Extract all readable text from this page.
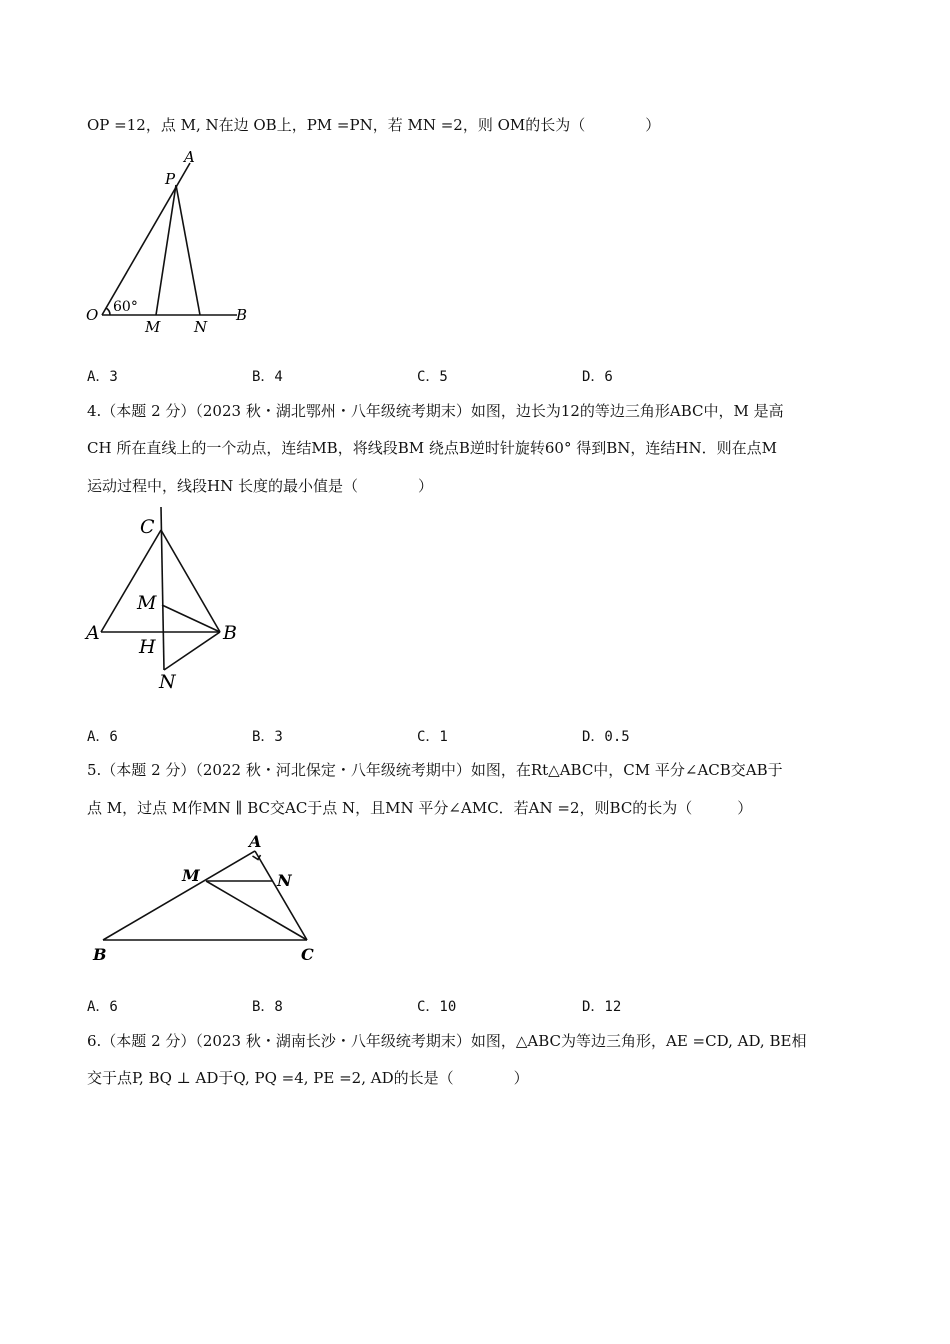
OP =12，点 M, N在边 OB上，PM =PN，若 MN =2，则 OM的长为（　　　　）
A
P
O 60°
M N
B
A．3	B．4	C．5	D．6
4.（本题 2 分）（2023 秋・湖北鄂州・八年级统考期末）如图，边长为12的等边三角形ABC中，M 是高
CH 所在直线上的一个动点，连结MB，将线段BM 绕点B逆时针旋转60° 得到BN，连结HN．则在点M
运动过程中，线段HN 长度的最小值是（　　　　）
C
M
A
H
B
N
A．6	B．3	C．1	D．0.5
5.（本题 2 分）（2022 秋・河北保定・八年级统考期中）如图，在Rt△ABC中，CM 平分∠ACB交AB于
点 M，过点 M作MN ∥ BC交AC于点 N，且MN 平分∠AMC．若AN =2，则BC的长为（　　　）
A
M	N
B	C
A．6	B．8	C．10	D．12
6.（本题 2 分）（2023 秋・湖南长沙・八年级统考期末）如图，△ABC为等边三角形，AE =CD, AD, BE相
交于点P, BQ ⊥ AD于Q, PQ =4, PE =2, AD的长是（　　　　）
